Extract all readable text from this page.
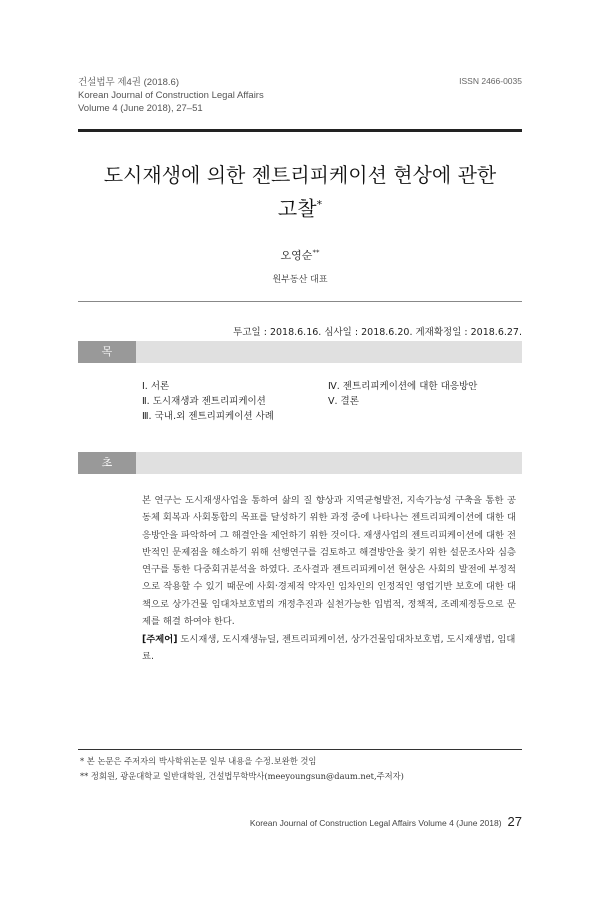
건설법무 제4권 (2018.6)
Korean Journal of Construction Legal Affairs
Volume 4 (June 2018), 27–51
ISSN 2466-0035
도시재생에 의한 젠트리피케이션 현상에 관한
고찰*
오영순**
원부동산 대표
투고일 : 2018.6.16. 심사일 : 2018.6.20. 게재확정일 : 2018.6.27.
목 차
Ⅰ. 서론
Ⅱ. 도시재생과 젠트리피케이션
Ⅲ. 국내․외 젠트리피케이션 사례
Ⅳ. 젠트리피케이션에 대한 대응방안
Ⅴ. 결론
초 록
본 연구는 도시재생사업을 통하여 삶의 질 향상과 지역균형발전, 지속가능성 구축을 통한 공동체 회복과 사회통합의 목표를 달성하기 위한 과정 중에 나타나는 젠트리피케이션에 대한 대응방안을 파악하여 그 해결안을 제언하기 위한 것이다. 재생사업의 젠트리피케이션에 대한 전반적인 문제점을 해소하기 위해 선행연구를 검토하고 해결방안을 찾기 위한 설문조사와 심층연구를 통한 다중회귀분석을 하였다. 조사결과 젠트리피케이션 현상은 사회의 발전에 부정적으로 작용할 수 있기 때문에 사회·경제적 약자인 임차인의 인정적인 영업기반 보호에 대한 대책으로 상가건물 임대차보호법의 개정추진과 실천가능한 입법적, 정책적, 조례제정등으로 문제를 해결 하여야 한다.
[주제어] 도시재생, 도시재생뉴딜, 젠트리피케이션, 상가건물임대차보호법, 도시재생법, 임대료.
* 본 논문은 주저자의 박사학위논문 일부 내용을 수정․보완한 것임
** 정회원, 광운대학교 일반대학원, 건설법무학박사(meeyoungsun@daum.net,주저자)
Korean Journal of Construction Legal Affairs Volume 4 (June 2018) 27
